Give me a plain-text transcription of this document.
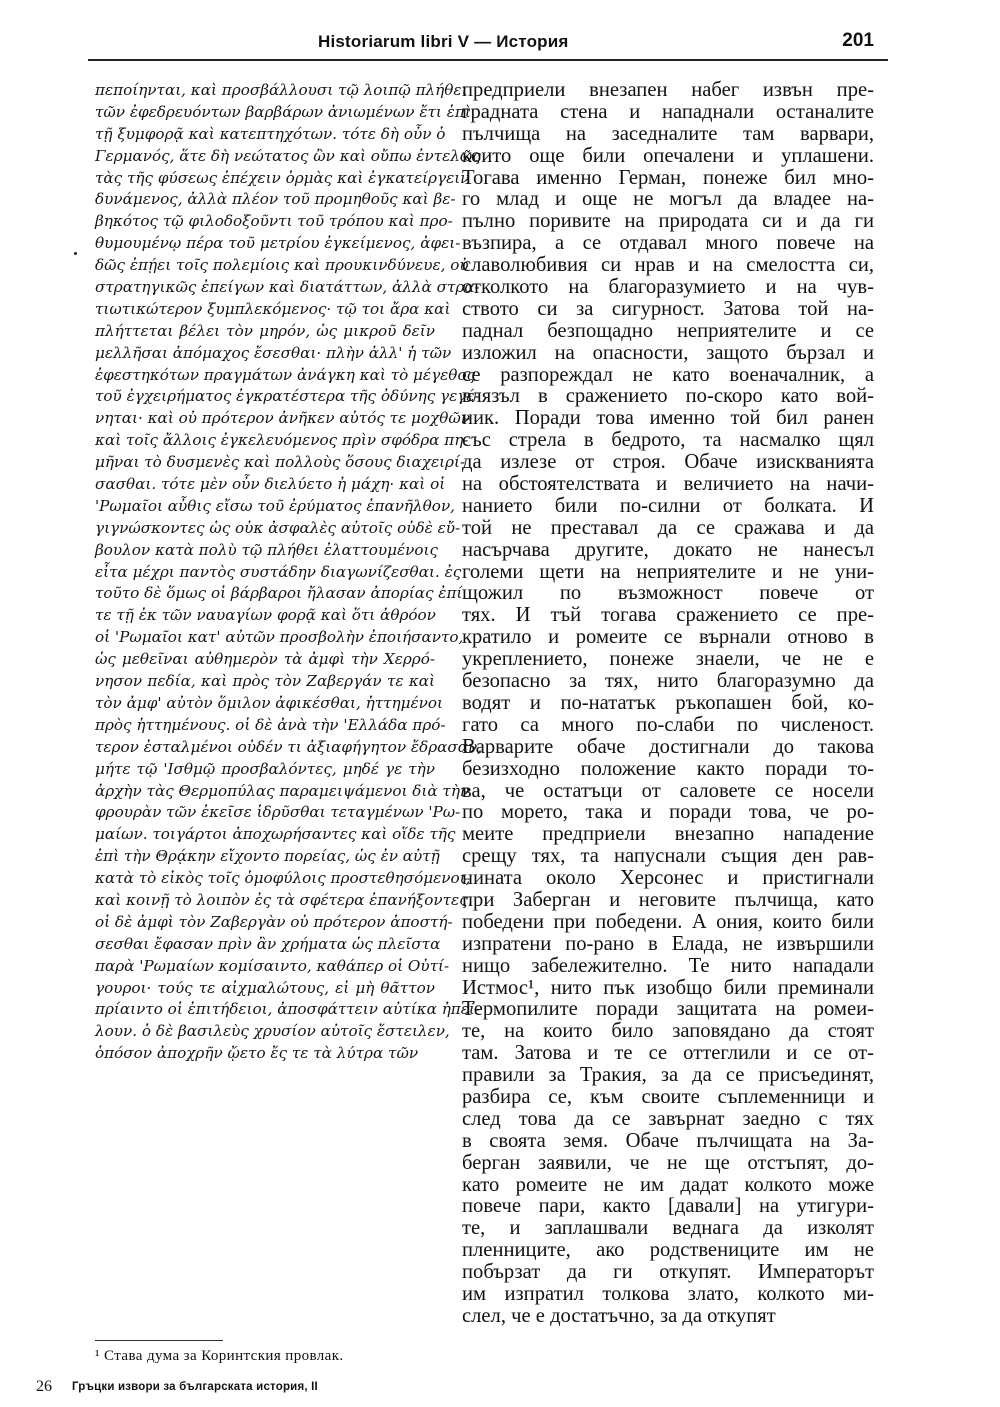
Historiarum libri V — История	201
πεποίηνται, καὶ προσβάλλουσι τῷ λοιπῷ πλήθει
τῶν ἐφεδρευόντων βαρβάρων ἀνιωμένων ἔτι ἐπὶ
τῇ ξυμφορᾷ καὶ κατεπτηχότων. τότε δὴ οὖν ὁ
Γερμανός, ἅτε δὴ νεώτατος ὢν καὶ οὔπω ἐντελῶς
τὰς τῆς φύσεως ἐπέχειν ὁρμὰς καὶ ἐγκατείργειν
δυνάμενος, ἀλλὰ πλέον τοῦ προμηθοῦς καὶ βε-
βηκότος τῷ φιλοδοξοῦντι τοῦ τρόπου καὶ προ-
θυμουμένῳ πέρα τοῦ μετρίου ἐγκείμενος, ἀφει-
δῶς ἐπῄει τοῖς πολεμίοις καὶ προυκινδύνευε, οὐ
στρατηγικῶς ἐπείγων καὶ διατάττων, ἀλλὰ στρα-
τιωτικώτερον ξυμπλεκόμενος· τῷ τοι ἄρα καὶ
πλήττεται βέλει τὸν μηρόν, ὡς μικροῦ δεῖν
μελλῆσαι ἀπόμαχος ἔσεσθαι· πλὴν ἀλλ' ἡ τῶν
ἐφεστηκότων πραγμάτων ἀνάγκη καὶ τὸ μέγεθος
τοῦ ἐγχειρήματος ἐγκρατέστερα τῆς ὀδύνης γεγέ-
νηται· καὶ οὐ πρότερον ἀνῆκεν αὐτός τε μοχθῶν
καὶ τοῖς ἄλλοις ἐγκελευόμενος πρὶν σφόδρα πη-
μῆναι τὸ δυσμενὲς καὶ πολλοὺς ὅσους διαχειρί-
σασθαι. τότε μὲν οὖν διελύετο ἡ μάχη· καὶ οἱ
'Ρωμαῖοι αὖθις εἴσω τοῦ ἐρύματος ἐπανῆλθον,
γιγνώσκοντες ὡς οὐκ ἀσφαλὲς αὐτοῖς οὐδὲ εὔ-
βουλον κατὰ πολὺ τῷ πλήθει ἐλαττουμένοις
εἶτα μέχρι παντὸς συστάδην διαγωνίζεσθαι. ἐς
τοῦτο δὲ ὅμως οἱ βάρβαροι ἤλασαν ἀπορίας ἐπί
τε τῇ ἐκ τῶν ναυαγίων φορᾷ καὶ ὅτι ἀθρόον
οἱ 'Ρωμαῖοι κατ' αὐτῶν προσβολὴν ἐποιήσαντο,
ὡς μεθεῖναι αὐθημερὸν τὰ ἀμφὶ τὴν Χερρό-
νησον πεδία, καὶ πρὸς τὸν Ζαβεργάν τε καὶ
τὸν ἀμφ' αὐτὸν ὅμιλον ἀφικέσθαι, ἡττημένοι
πρὸς ἡττημένους. οἱ δὲ ἀνὰ τὴν 'Ελλάδα πρό-
τερον ἐσταλμένοι οὐδέν τι ἀξιαφήγητον ἔδρασαν,
μήτε τῷ 'Ισθμῷ προσβαλόντες, μηδέ γε τὴν
ἀρχὴν τὰς Θερμοπύλας παραμειψάμενοι διὰ τὴν
φρουρὰν τῶν ἐκεῖσε ἱδρῦσθαι τεταγμένων 'Ρω-
μαίων. τοιγάρτοι ἀποχωρήσαντες καὶ οἵδε τῆς
ἐπὶ τὴν Θρᾴκην εἴχοντο πορείας, ὡς ἐν αὐτῇ
κατὰ τὸ εἰκὸς τοῖς ὁμοφύλοις προστεθησόμενοι,
καὶ κοινῇ τὸ λοιπὸν ἐς τὰ σφέτερα ἐπανήξοντες.
οἱ δὲ ἀμφὶ τὸν Ζαβεργὰν οὐ πρότερον ἀποστή-
σεσθαι ἔφασαν πρὶν ἂν χρήματα ὡς πλεῖστα
παρὰ 'Ρωμαίων κομίσαιντο, καθάπερ οἱ Οὐτί-
γουροι· τούς τε αἰχμαλώτους, εἰ μὴ θᾶττον
πρίαιντο οἱ ἐπιτήδειοι, ἀποσφάττειν αὐτίκα ἠπεί-
λουν. ὁ δὲ βασιλεὺς χρυσίον αὐτοῖς ἔστειλεν,
ὁπόσον ἀποχρῆν ᾤετο ἔς τε τὰ λύτρα τῶν
предприели внезапен набег извън пре-
градната стена и нападнали останалите
пълчища на заседналите там варвари,
които още били опечалени и уплашени.
Тогава именно Герман, понеже бил мно-
го млад и още не могъл да владее на-
пълно поривите на природата си и да ги
възпира, а се отдавал много повече на
славолюбивия си нрав и на смелостта си,
отколкото на благоразумието и на чув-
ството си за сигурност. Затова той на-
паднал безпощадно неприятелите и се
изложил на опасности, защото бързал и
се разпореждал не като военачалник, а
влязъл в сражението по-скоро като вой-
ник. Поради това именно той бил ранен
със стрела в бедрото, та насмалко щял
да излезе от строя. Обаче изискванията
на обстоятелствата и величието на начи-
нанието били по-силни от болката. И
той не преставал да се сражава и да
насърчава другите, докато не нанесъл
големи щети на неприятелите и не уни-
щожил по възможност повече от
тях. И тъй тогава сражението се пре-
кратило и ромеите се върнали отново в
укреплението, понеже знаели, че не е
безопасно за тях, нито благоразумно да
водят и по-нататък ръкопашен бой, ко-
гато са много по-слаби по численост.
Варварите обаче достигнали до такова
безизходно положение както поради то-
ва, че остатъци от саловете се носели
по морето, така и поради това, че ро-
меите предприели внезапно нападение
срещу тях, та напуснали същия ден рав-
нината около Херсонес и пристигнали
при Заберган и неговите пълчища, като
победени при победени. А ония, които били
изпратени по-рано в Елада, не извършили
нищо забележително. Те нито нападали
Истмос¹, нито пък изобщо били преминали
Термопилите поради защитата на ромеи-
те, на които било заповядано да стоят
там. Затова и те се оттеглили и се от-
правили за Тракия, за да се присъединят,
разбира се, към своите съплеменници и
след това да се завърнат заедно с тях
в своята земя. Обаче пълчищата на За-
берган заявили, че не ще отстъпят, до-
като ромеите не им дадат колкото може
повече пари, както [давали] на утигури-
те, и заплашвали веднага да изколят
пленниците, ако родствениците им не
побързат да ги откупят. Императорът
им изпратил толкова злато, колкото ми-
слел, че е достатъчно, за да откупят
¹ Става дума за Коринтския провлак.
26 Гръцки извори за българската история, II
